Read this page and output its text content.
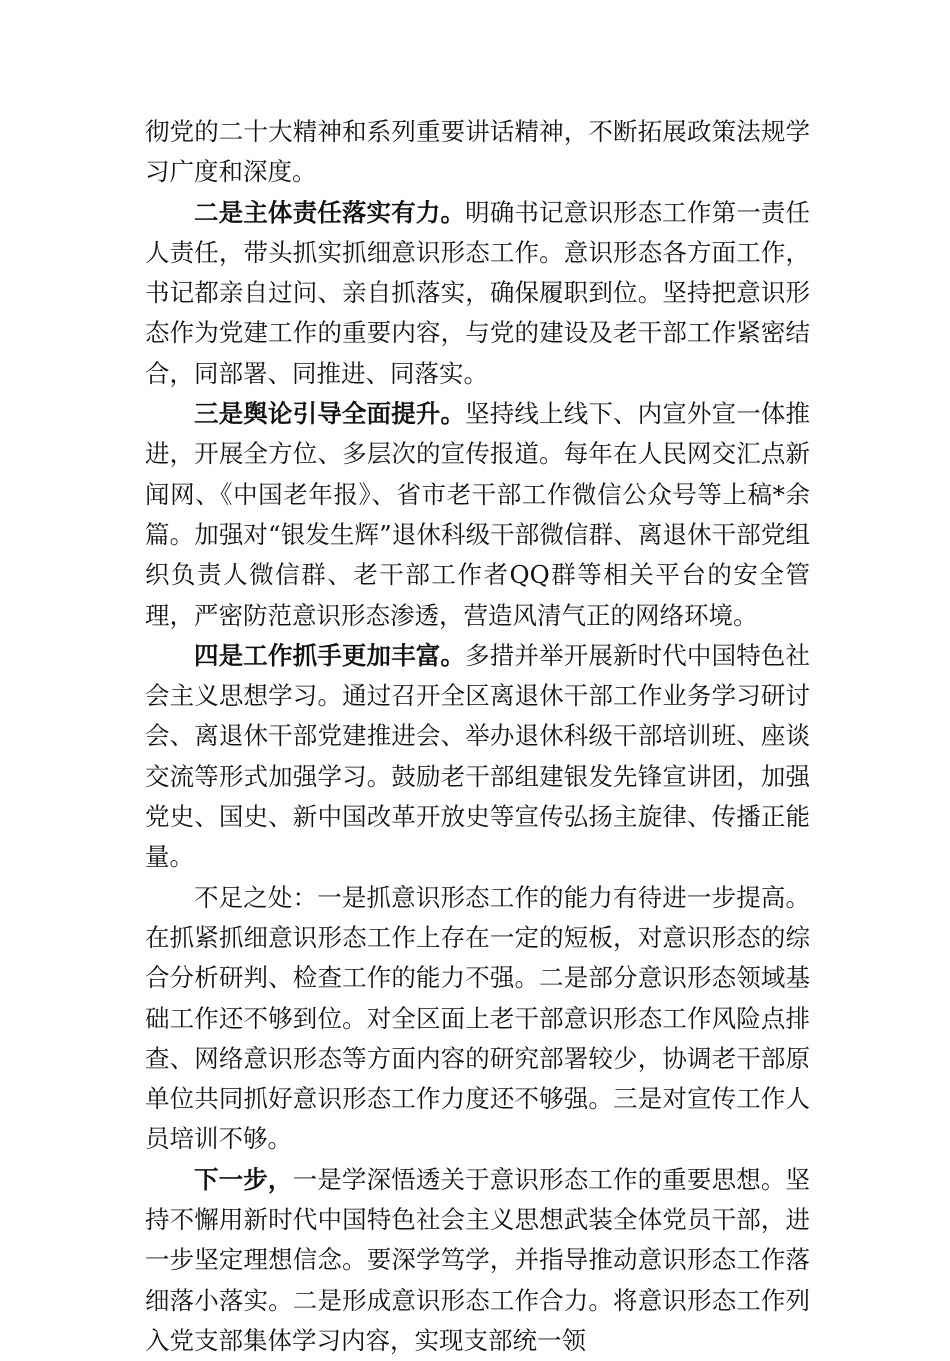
彻党的二十大精神和系列重要讲话精神，不断拓展政策法规学习广度和深度。

二是主体责任落实有力。明确书记意识形态工作第一责任人责任，带头抓实抓细意识形态工作。意识形态各方面工作，书记都亲自过问、亲自抓落实，确保履职到位。坚持把意识形态作为党建工作的重要内容，与党的建设及老干部工作紧密结合，同部署、同推进、同落实。

三是舆论引导全面提升。坚持线上线下、内宣外宣一体推进，开展全方位、多层次的宣传报道。每年在人民网交汇点新闻网、《中国老年报》、省市老干部工作微信公众号等上稿*余篇。加强对“银发生辉”退休科级干部微信群、离退休干部党组织负责人微信群、老干部工作者QQ群等相关平台的安全管理，严密防范意识形态渗透，营造风清气正的网络环境。

四是工作抓手更加丰富。多措并举开展新时代中国特色社会主义思想学习。通过召开全区离退休干部工作业务学习研讨会、离退休干部党建推进会、举办退休科级干部培训班、座谈交流等形式加强学习。鼓励老干部组建银发先锋宣讲团，加强党史、国史、新中国改革开放史等宣传弘扬主旋律、传播正能量。

不足之处：一是抓意识形态工作的能力有待进一步提高。在抓紧抓细意识形态工作上存在一定的短板，对意识形态的综合分析研判、检查工作的能力不强。二是部分意识形态领域基础工作还不够到位。对全区面上老干部意识形态工作风险点排查、网络意识形态等方面内容的研究部署较少，协调老干部原单位共同抓好意识形态工作力度还不够强。三是对宣传工作人员培训不够。

下一步，一是学深悟透关于意识形态工作的重要思想。坚持不懈用新时代中国特色社会主义思想武装全体党员干部，进一步坚定理想信念。要深学笃学，并指导推动意识形态工作落细落小落实。二是形成意识形态工作合力。将意识形态工作列入党支部集体学习内容，实现支部统一领
